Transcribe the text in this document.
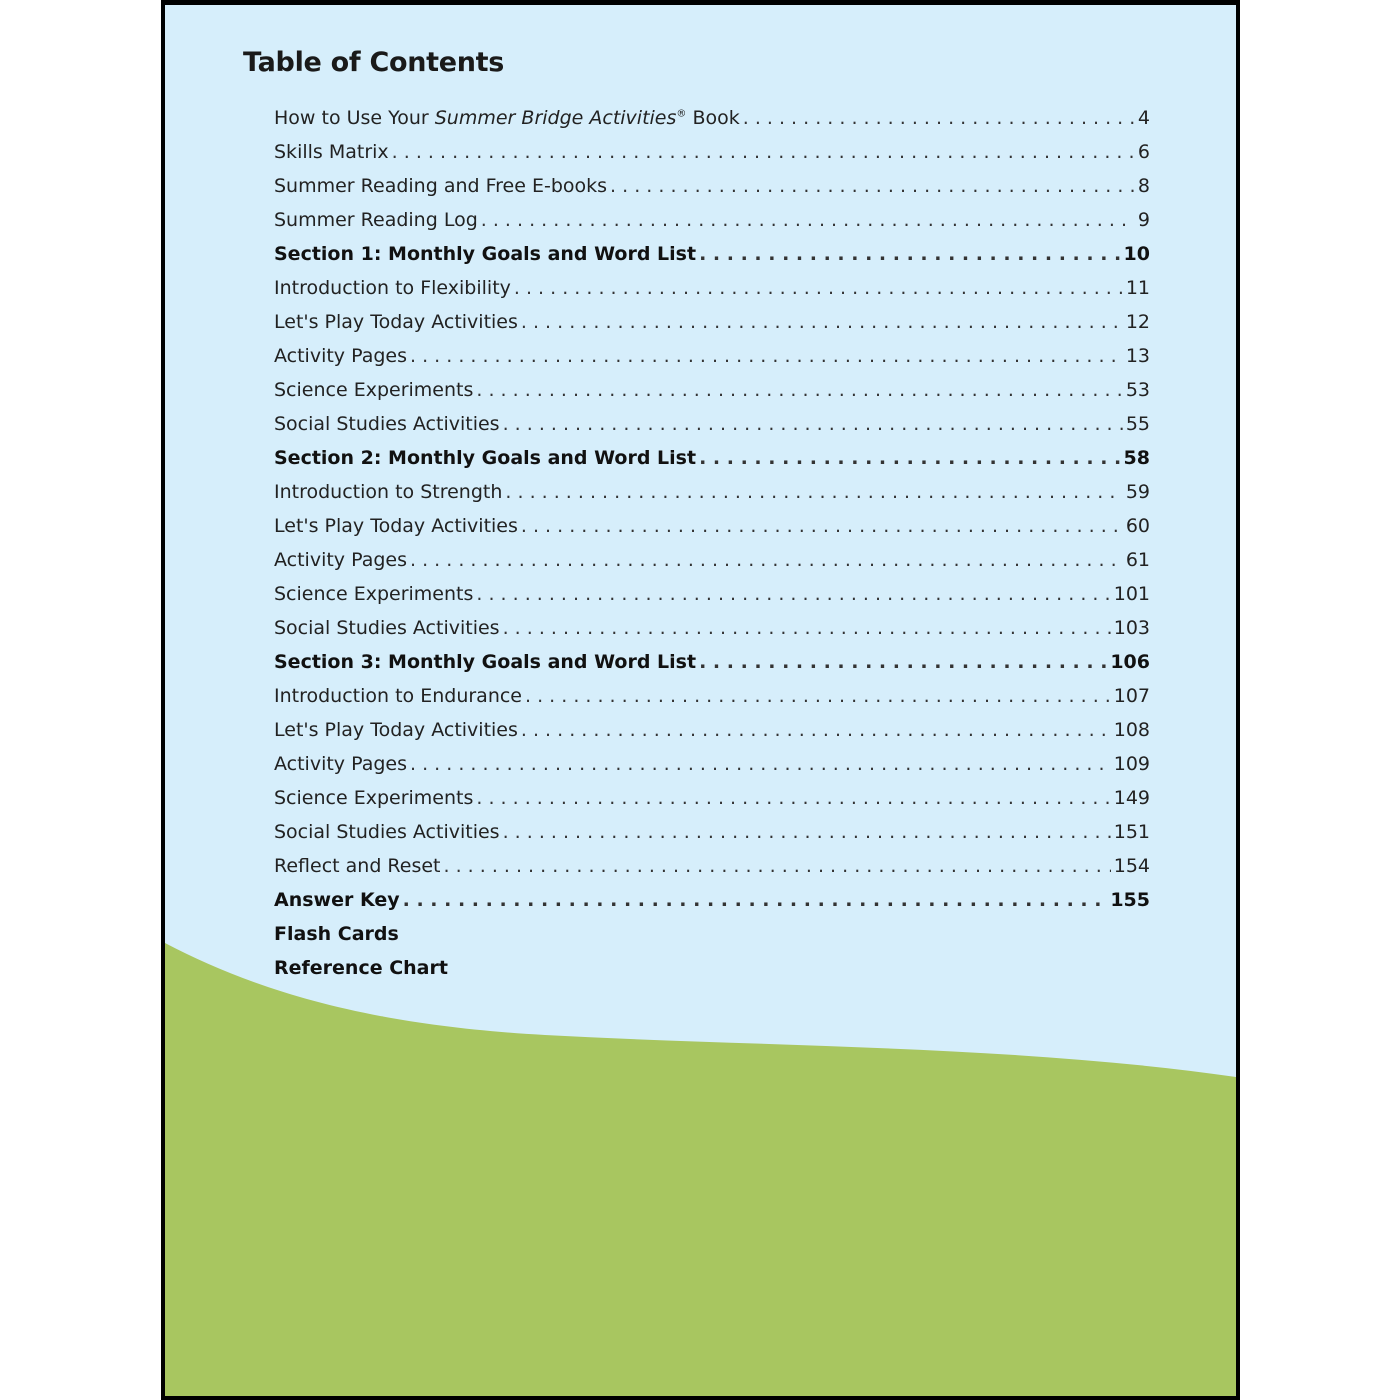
Table of Contents
How to Use Your Summer Bridge Activities® Book . . .	4
Skills Matrix . . .	6
Summer Reading and Free E-books . . .	8
Summer Reading Log . . .	9
Section 1: Monthly Goals and Word List . . .	10
Introduction to Flexibility . . .	11
Let's Play Today Activities . . .	12
Activity Pages . . .	13
Science Experiments . . .	53
Social Studies Activities . . .	55
Section 2: Monthly Goals and Word List . . .	58
Introduction to Strength . . .	59
Let's Play Today Activities . . .	60
Activity Pages . . .	61
Science Experiments . . .	101
Social Studies Activities . . .	103
Section 3: Monthly Goals and Word List . . .	106
Introduction to Endurance . . .	107
Let's Play Today Activities . . .	108
Activity Pages . . .	109
Science Experiments . . .	149
Social Studies Activities . . .	151
Reflect and Reset . . .	154
Answer Key . . .	155
Flash Cards
Reference Chart
